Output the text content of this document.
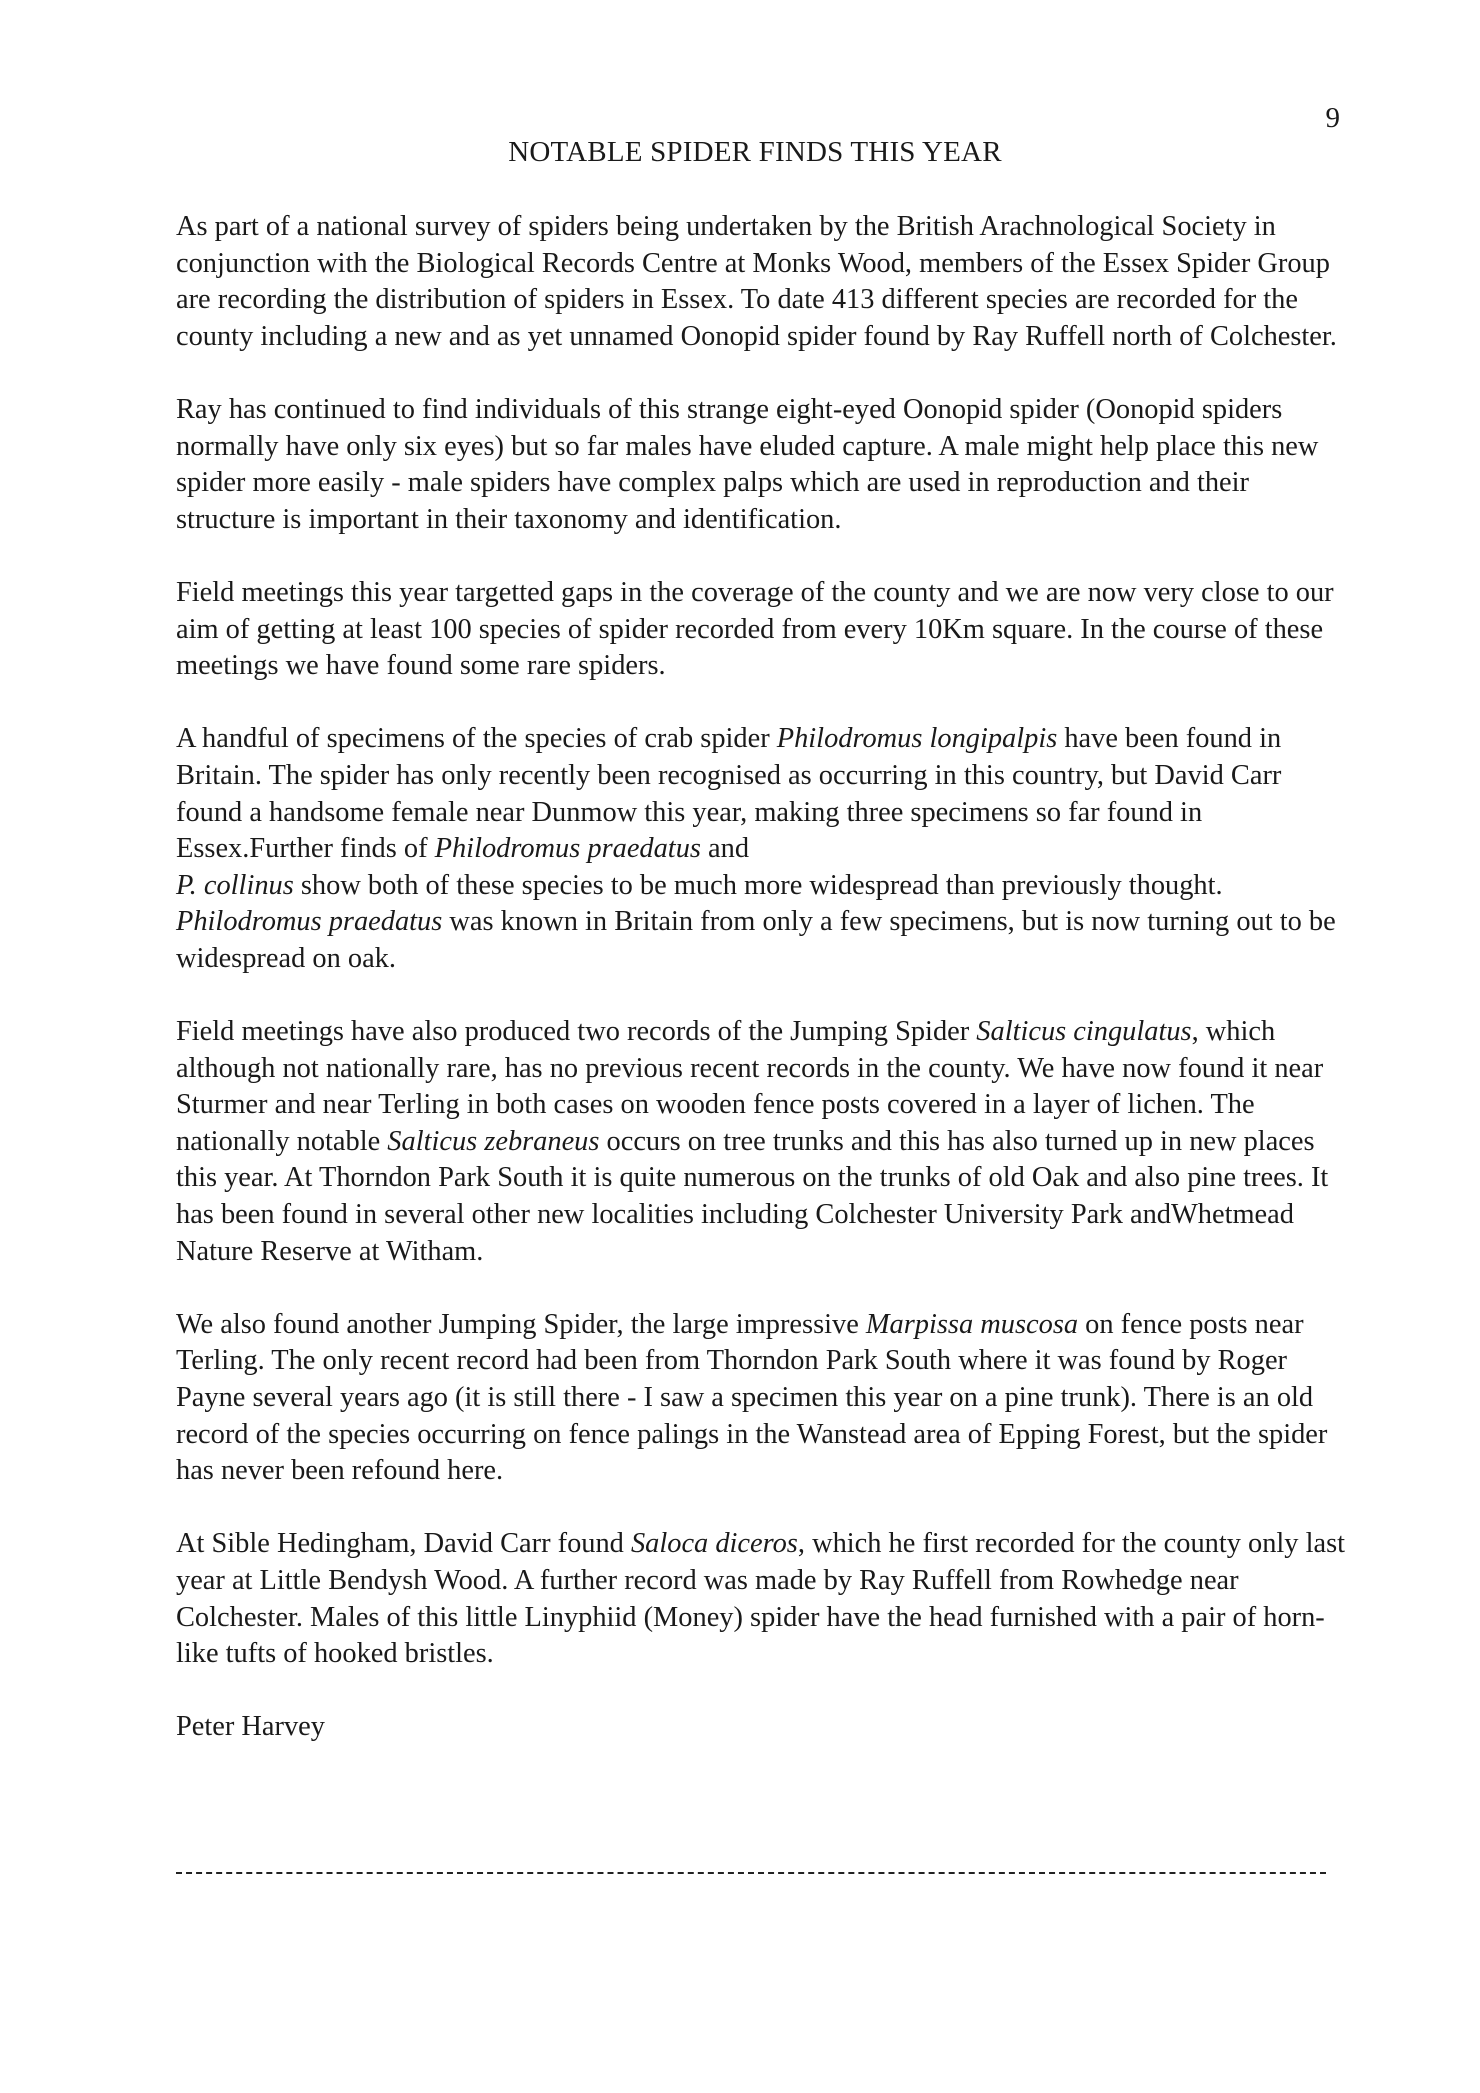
9
NOTABLE SPIDER FINDS THIS YEAR

As part of a national survey of spiders being undertaken by the British Arachnological Society in conjunction with the Biological Records Centre at Monks Wood, members of the Essex Spider Group are recording the distribution of spiders in Essex. To date 413 different species are recorded for the county including a new and as yet unnamed Oonopid spider found by Ray Ruffell north of Colchester.

Ray has continued to find individuals of this strange eight-eyed Oonopid spider (Oonopid spiders normally have only six eyes) but so far males have eluded capture. A male might help place this new spider more easily - male spiders have complex palps which are used in reproduction and their structure is important in their taxonomy and identification.

Field meetings this year targetted gaps in the coverage of the county and we are now very close to our aim of getting at least 100 species of spider recorded from every 10Km square. In the course of these meetings we have found some rare spiders.

A handful of specimens of the species of crab spider Philodromus longipalpis have been found in Britain. The spider has only recently been recognised as occurring in this country, but David Carr found a handsome female near Dunmow this year, making three specimens so far found in Essex.Further finds of Philodromus praedatus and
P. collinus show both of these species to be much more widespread than previously thought. Philodromus praedatus was known in Britain from only a few specimens, but is now turning out to be widespread on oak.

Field meetings have also produced two records of the Jumping Spider Salticus cingulatus, which although not nationally rare, has no previous recent records in the county. We have now found it near Sturmer and near Terling in both cases on wooden fence posts covered in a layer of lichen. The nationally notable Salticus zebraneus occurs on tree trunks and this has also turned up in new places this year. At Thorndon Park South it is quite numerous on the trunks of old Oak and also pine trees. It has been found in several other new localities including Colchester University Park andWhetmead Nature Reserve at Witham.

We also found another Jumping Spider, the large impressive Marpissa muscosa on fence posts near Terling. The only recent record had been from Thorndon Park South where it was found by Roger Payne several years ago (it is still there - I saw a specimen this year on a pine trunk). There is an old record of the species occurring on fence palings in the Wanstead area of Epping Forest, but the spider has never been refound here.

At Sible Hedingham, David Carr found Saloca diceros, which he first recorded for the county only last year at Little Bendysh Wood. A further record was made by Ray Ruffell from Rowhedge near Colchester. Males of this little Linyphiid (Money) spider have the head furnished with a pair of horn-like tufts of hooked bristles.

Peter Harvey
